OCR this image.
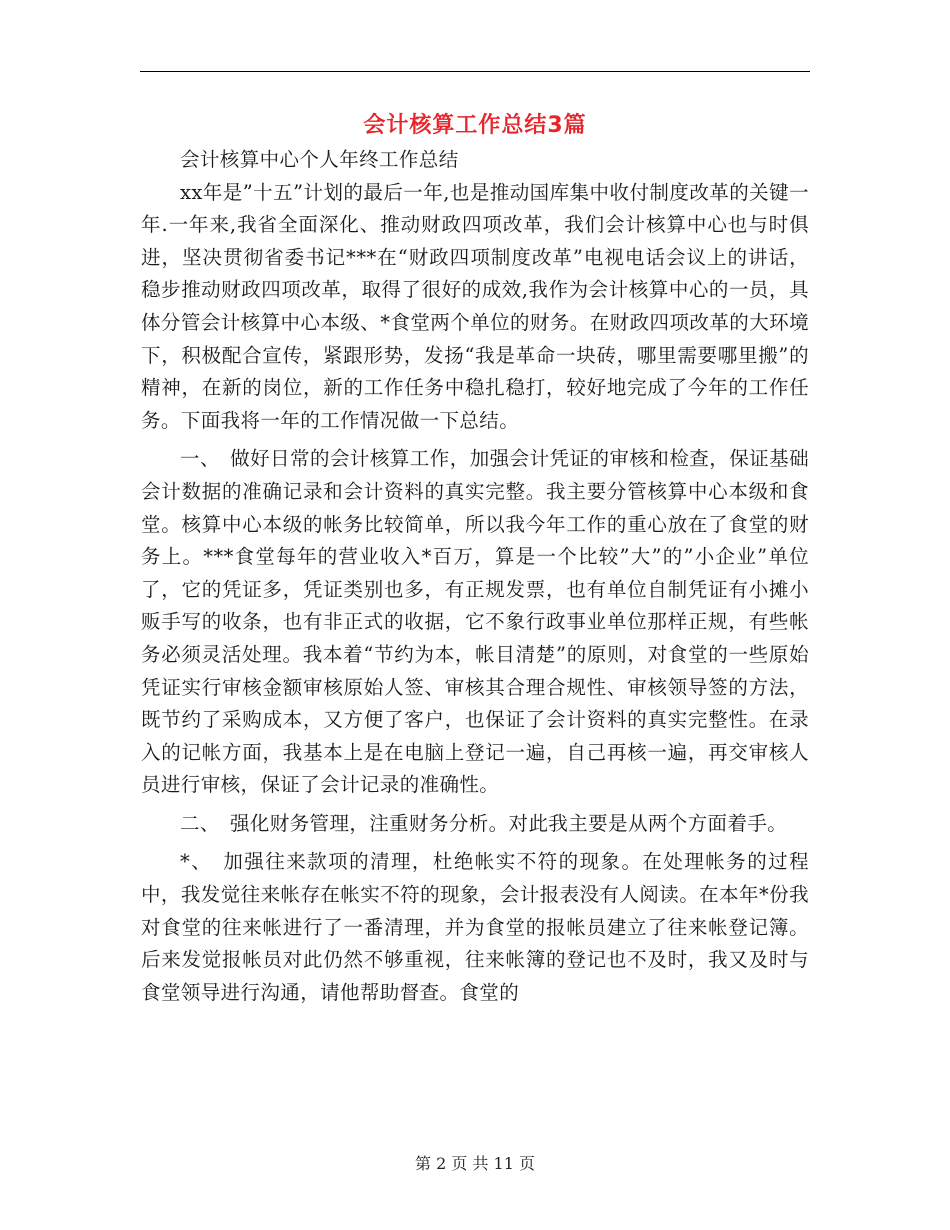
会计核算工作总结3篇

会计核算中心个人年终工作总结

xx年是”十五”计划的最后一年,也是推动国库集中收付制度改革的关键一年.一年来,我省全面深化、推动财政四项改革，我们会计核算中心也与时俱进，坚决贯彻省委书记***在“财政四项制度改革”电视电话会议上的讲话，稳步推动财政四项改革，取得了很好的成效,我作为会计核算中心的一员，具体分管会计核算中心本级、*食堂两个单位的财务。在财政四项改革的大环境下，积极配合宣传，紧跟形势，发扬“我是革命一块砖，哪里需要哪里搬”的精神，在新的岗位，新的工作任务中稳扎稳打，较好地完成了今年的工作任务。下面我将一年的工作情况做一下总结。

一、　做好日常的会计核算工作，加强会计凭证的审核和检查，保证基础会计数据的准确记录和会计资料的真实完整。我主要分管核算中心本级和食堂。核算中心本级的帐务比较简单，所以我今年工作的重心放在了食堂的财务上。***食堂每年的营业收入*百万，算是一个比较”大”的”小企业”单位了，它的凭证多，凭证类别也多，有正规发票，也有单位自制凭证有小摊小贩手写的收条，也有非正式的收据，它不象行政事业单位那样正规，有些帐务必须灵活处理。我本着“节约为本，帐目清楚”的原则，对食堂的一些原始凭证实行审核金额审核原始人签、审核其合理合规性、审核领导签的方法，既节约了采购成本，又方便了客户，也保证了会计资料的真实完整性。在录入的记帐方面，我基本上是在电脑上登记一遍，自己再核一遍，再交审核人员进行审核，保证了会计记录的准确性。

二、　强化财务管理，注重财务分析。对此我主要是从两个方面着手。

*、　加强往来款项的清理，杜绝帐实不符的现象。在处理帐务的过程中，我发觉往来帐存在帐实不符的现象，会计报表没有人阅读。在本年*份我对食堂的往来帐进行了一番清理，并为食堂的报帐员建立了往来帐登记簿。后来发觉报帐员对此仍然不够重视，往来帐簿的登记也不及时，我又及时与食堂领导进行沟通，请他帮助督查。食堂的

第 2 页 共 11 页
